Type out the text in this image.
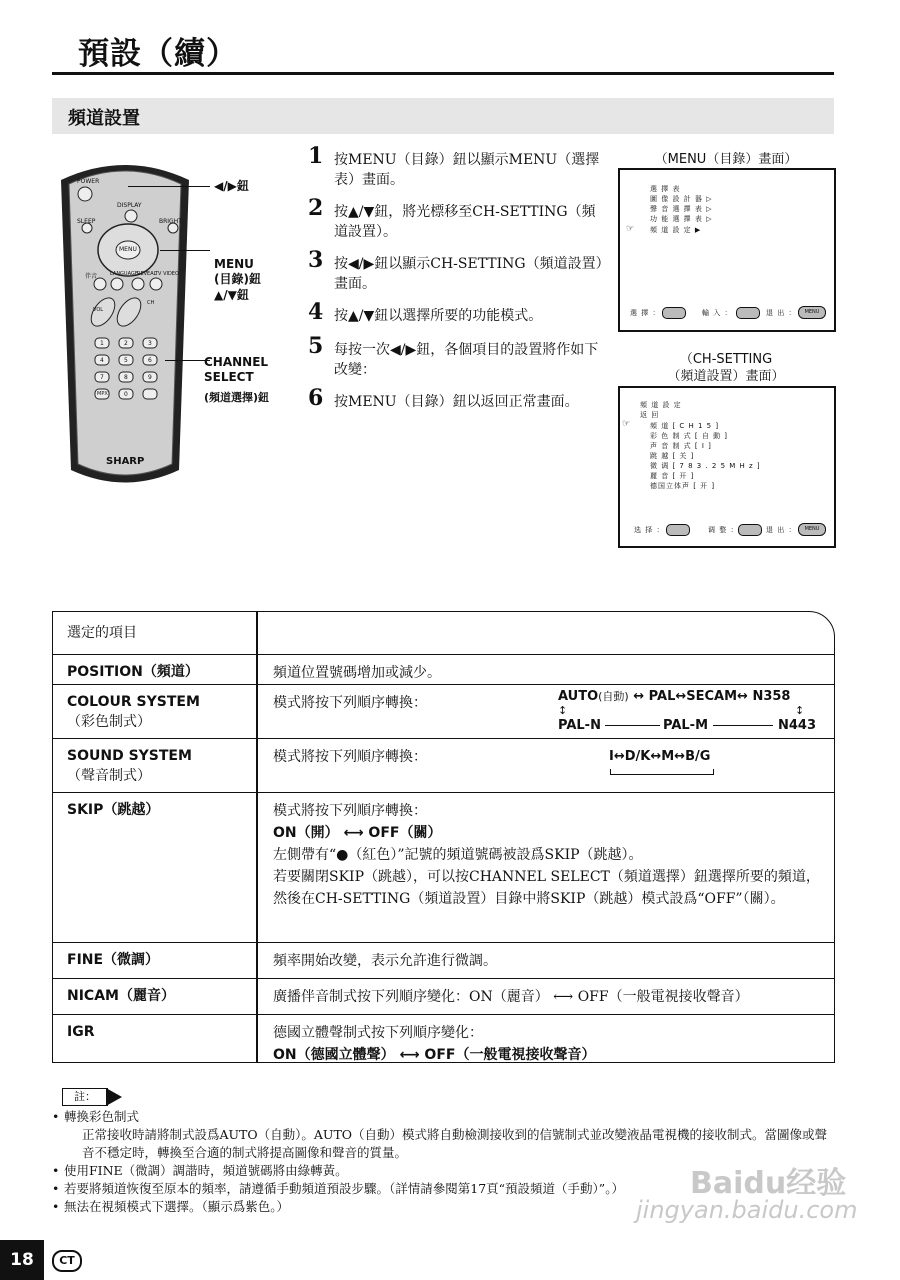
預設（續）
頻道設置
POWER
DISPLAY
SLEEP	BRIGHT
MENU
伴音	LANGUAGE REVEAL
TV VIDEO
VOL
CH
1	2	3
4	5	6
7	8	9
MPX	0
SHARP
◀/▶鈕
MENU
(目錄)鈕
▲/▼鈕
CHANNEL
SELECT
(頻道選擇)鈕
1 按MENU（目錄）鈕以顯示MENU（選擇表）畫面。
2 按▲/▼鈕，將光標移至CH-SETTING（頻道設置）。
3 按◀/▶鈕以顯示CH-SETTING（頻道設置）畫面。
4 按▲/▼鈕以選擇所要的功能模式。
5 每按一次◀/▶鈕，各個項目的設置將作如下改變：
6 按MENU（目錄）鈕以返回正常畫面。
（MENU（目錄）畫面）
選 擇 表
圖 像 設 計 器 ▷
聲 音 選 擇 表 ▷
功 能 選 擇 表 ▷
☞ 頻 道 設 定 ▶
選 擇 ：	輸 入 ：	退 出 ：	MENU
（CH-SETTING
（頻道設置）畫面）
頻 道 設 定
返 回
☞	頻 道 [ C H 1 5 ]
彩 色 制 式 [ 自 動 ]
声 音 制 式 [ I ]
跳 越 [ 关 ]
微 调 [ 7 8 3 . 2 5 M H z ]
麗 音 [ 开 ]
德国立体声 [ 开 ]
选 择 ：	调 整 ：	退 出 ：	MENU
選定的項目
POSITION（頻道）	頻道位置號碼增加或減少。
COLOUR SYSTEM
（彩色制式）
模式將按下列順序轉換：	AUTO(自動) ↔ PAL↔SECAM↔ N358
↕	↕
PAL-N	PAL-M	N443
SOUND SYSTEM
（聲音制式）
模式將按下列順序轉換：	I↔D/K↔M↔B/G
SKIP（跳越）	模式將按下列順序轉換：
ON（開） ⟷ OFF（關）
左側帶有“●（紅色）”記號的頻道號碼被設爲SKIP（跳越）。
若要關閉SKIP（跳越），可以按CHANNEL SELECT（頻道選擇）鈕選擇所要的頻道，然後在CH-SETTING（頻道設置）目錄中將SKIP（跳越）模式設爲“OFF”（關）。
FINE（微調）	頻率開始改變，表示允許進行微調。
NICAM（麗音）	廣播伴音制式按下列順序變化：ON（麗音） ⟷ OFF（一般電視接收聲音）
IGR	德國立體聲制式按下列順序變化：
ON（德國立體聲） ⟷ OFF（一般電視接收聲音）
註：
• 轉換彩色制式
正常接收時請將制式設爲AUTO（自動）。AUTO（自動）模式將自動檢測接收到的信號制式並改變液晶電視機的接收制式。當圖像或聲音不穩定時，轉換至合適的制式將提高圖像和聲音的質量。
• 使用FINE（微調）調諧時，頻道號碼將由綠轉黃。
• 若要將頻道恢復至原本的頻率，請遵循手動頻道預設步驟。（詳情請參閱第17頁“預設頻道（手動）”。）
• 無法在視頻模式下選擇。（顯示爲紫色。）
18	CT
Baidu经验
jingyan.baidu.com
